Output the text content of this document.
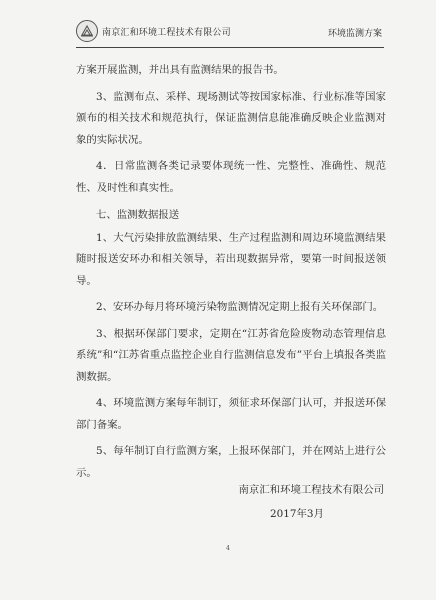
南京汇和环境工程技术有限公司	环境监测方案

方案开展监测，并出具有监测结果的报告书。

3、监测布点、采样、现场测试等按国家标准、行业标准等国家颁布的相关技术和规范执行，保证监测信息能准确反映企业监测对象的实际状况。

4．日常监测各类记录要体现统一性、完整性、准确性、规范性、及时性和真实性。

七、监测数据报送

1、大气污染排放监测结果、生产过程监测和周边环境监测结果随时报送安环办和相关领导，若出现数据异常，要第一时间报送领导。

2、安环办每月将环境污染物监测情况定期上报有关环保部门。

3、根据环保部门要求，定期在“江苏省危险废物动态管理信息系统”和“江苏省重点监控企业自行监测信息发布”平台上填报各类监测数据。

4、环境监测方案每年制订，须征求环保部门认可，并报送环保部门备案。

5、每年制订自行监测方案，上报环保部门，并在网站上进行公示。

南京汇和环境工程技术有限公司
2017年3月
4
